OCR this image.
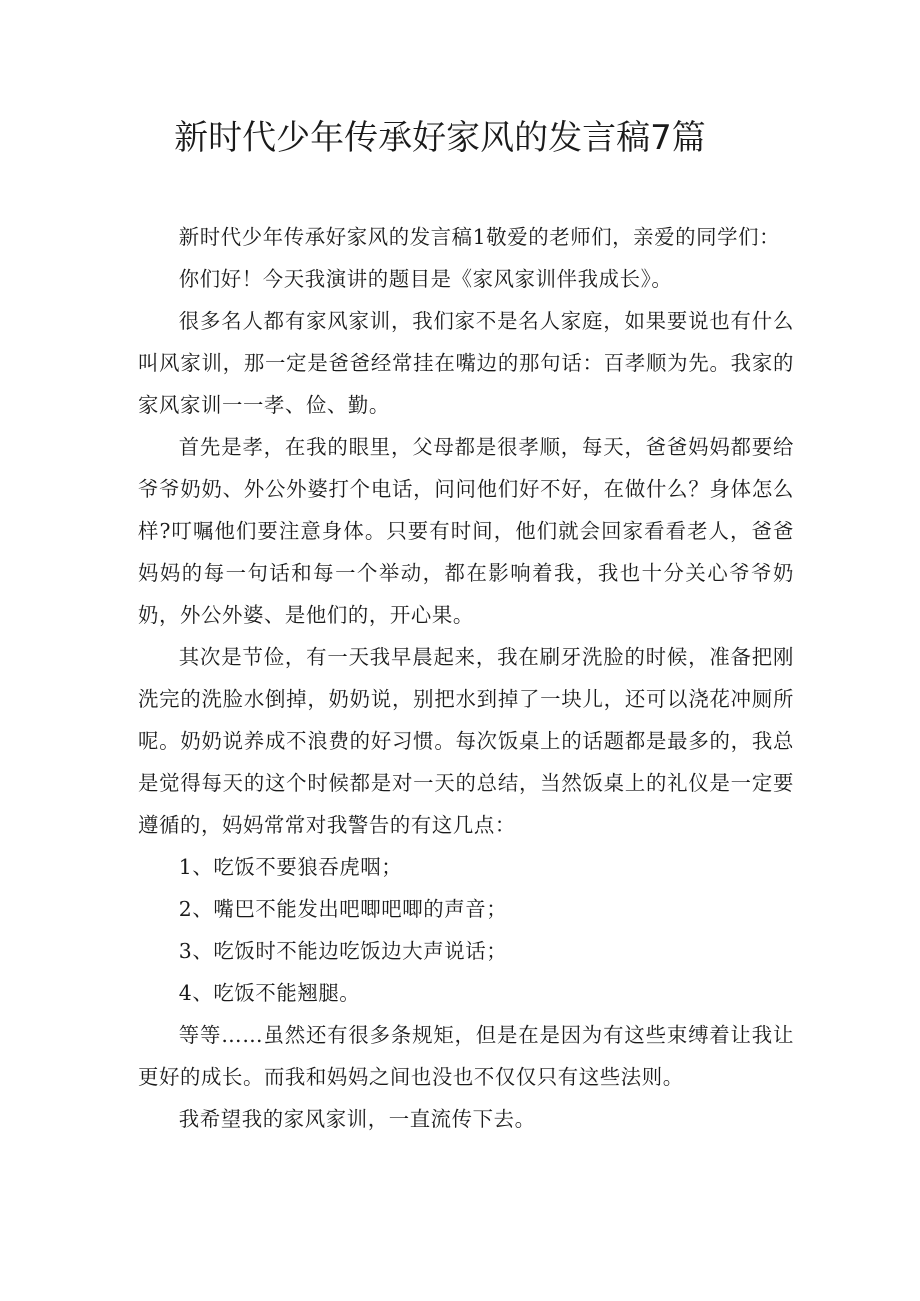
新时代少年传承好家风的发言稿7篇

新时代少年传承好家风的发言稿1敬爱的老师们，亲爱的同学们：

你们好！今天我演讲的题目是《家风家训伴我成长》。

很多名人都有家风家训，我们家不是名人家庭，如果要说也有什么叫风家训，那一定是爸爸经常挂在嘴边的那句话：百孝顺为先。我家的家风家训一一孝、俭、勤。

首先是孝，在我的眼里，父母都是很孝顺，每天，爸爸妈妈都要给爷爷奶奶、外公外婆打个电话，问问他们好不好，在做什么？身体怎么样?叮嘱他们要注意身体。只要有时间，他们就会回家看看老人，爸爸妈妈的每一句话和每一个举动，都在影响着我，我也十分关心爷爷奶奶，外公外婆、是他们的，开心果。

其次是节俭，有一天我早晨起来，我在刷牙洗脸的时候，准备把刚洗完的洗脸水倒掉，奶奶说，别把水到掉了一块儿，还可以浇花冲厕所呢。奶奶说养成不浪费的好习惯。每次饭桌上的话题都是最多的，我总是觉得每天的这个时候都是对一天的总结，当然饭桌上的礼仪是一定要遵循的，妈妈常常对我警告的有这几点：

1、吃饭不要狼吞虎咽；

2、嘴巴不能发出吧唧吧唧的声音；

3、吃饭时不能边吃饭边大声说话；

4、吃饭不能翘腿。

等等……虽然还有很多条规矩，但是在是因为有这些束缚着让我让更好的成长。而我和妈妈之间也没也不仅仅只有这些法则。

我希望我的家风家训，一直流传下去。
